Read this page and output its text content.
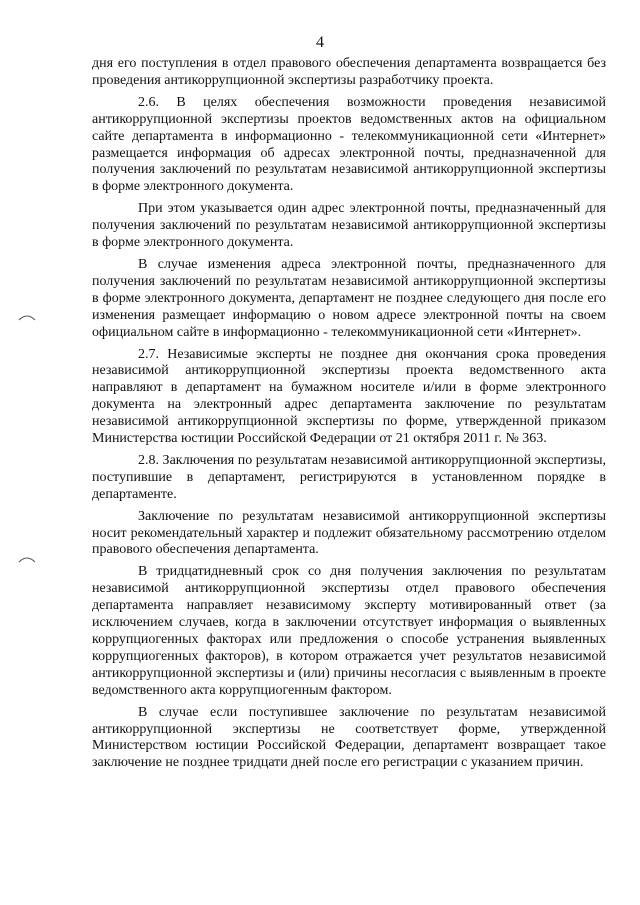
4

дня его поступления в отдел правового обеспечения департамента возвращается без проведения антикоррупционной экспертизы разработчику проекта.

2.6. В целях обеспечения возможности проведения независимой антикоррупционной экспертизы проектов ведомственных актов на официальном сайте департамента в информационно - телекоммуникационной сети «Интернет» размещается информация об адресах электронной почты, предназначенной для получения заключений по результатам независимой антикоррупционной экспертизы в форме электронного документа.

При этом указывается один адрес электронной почты, предназначенный для получения заключений по результатам независимой антикоррупционной экспертизы в форме электронного документа.

В случае изменения адреса электронной почты, предназначенного для получения заключений по результатам независимой антикоррупционной экспертизы в форме электронного документа, департамент не позднее следующего дня после его изменения размещает информацию о новом адресе электронной почты на своем официальном сайте в информационно - телекоммуникационной сети «Интернет».

2.7. Независимые эксперты не позднее дня окончания срока проведения независимой антикоррупционной экспертизы проекта ведомственного акта направляют в департамент на бумажном носителе и/или в форме электронного документа на электронный адрес департамента заключение по результатам независимой антикоррупционной экспертизы по форме, утвержденной приказом Министерства юстиции Российской Федерации от 21 октября 2011 г. № 363.

2.8. Заключения по результатам независимой антикоррупционной экспертизы, поступившие в департамент, регистрируются в установленном порядке в департаменте.

Заключение по результатам независимой антикоррупционной экспертизы носит рекомендательный характер и подлежит обязательному рассмотрению отделом правового обеспечения департамента.

В тридцатидневный срок со дня получения заключения по результатам независимой антикоррупционной экспертизы отдел правового обеспечения департамента направляет независимому эксперту мотивированный ответ (за исключением случаев, когда в заключении отсутствует информация о выявленных коррупциогенных факторах или предложения о способе устранения выявленных коррупциогенных факторов), в котором отражается учет результатов независимой антикоррупционной экспертизы и (или) причины несогласия с выявленным в проекте ведомственного акта коррупциогенным фактором.

В случае если поступившее заключение по результатам независимой антикоррупционной экспертизы не соответствует форме, утвержденной Министерством юстиции Российской Федерации, департамент возвращает такое заключение не позднее тридцати дней после его регистрации с указанием причин.
